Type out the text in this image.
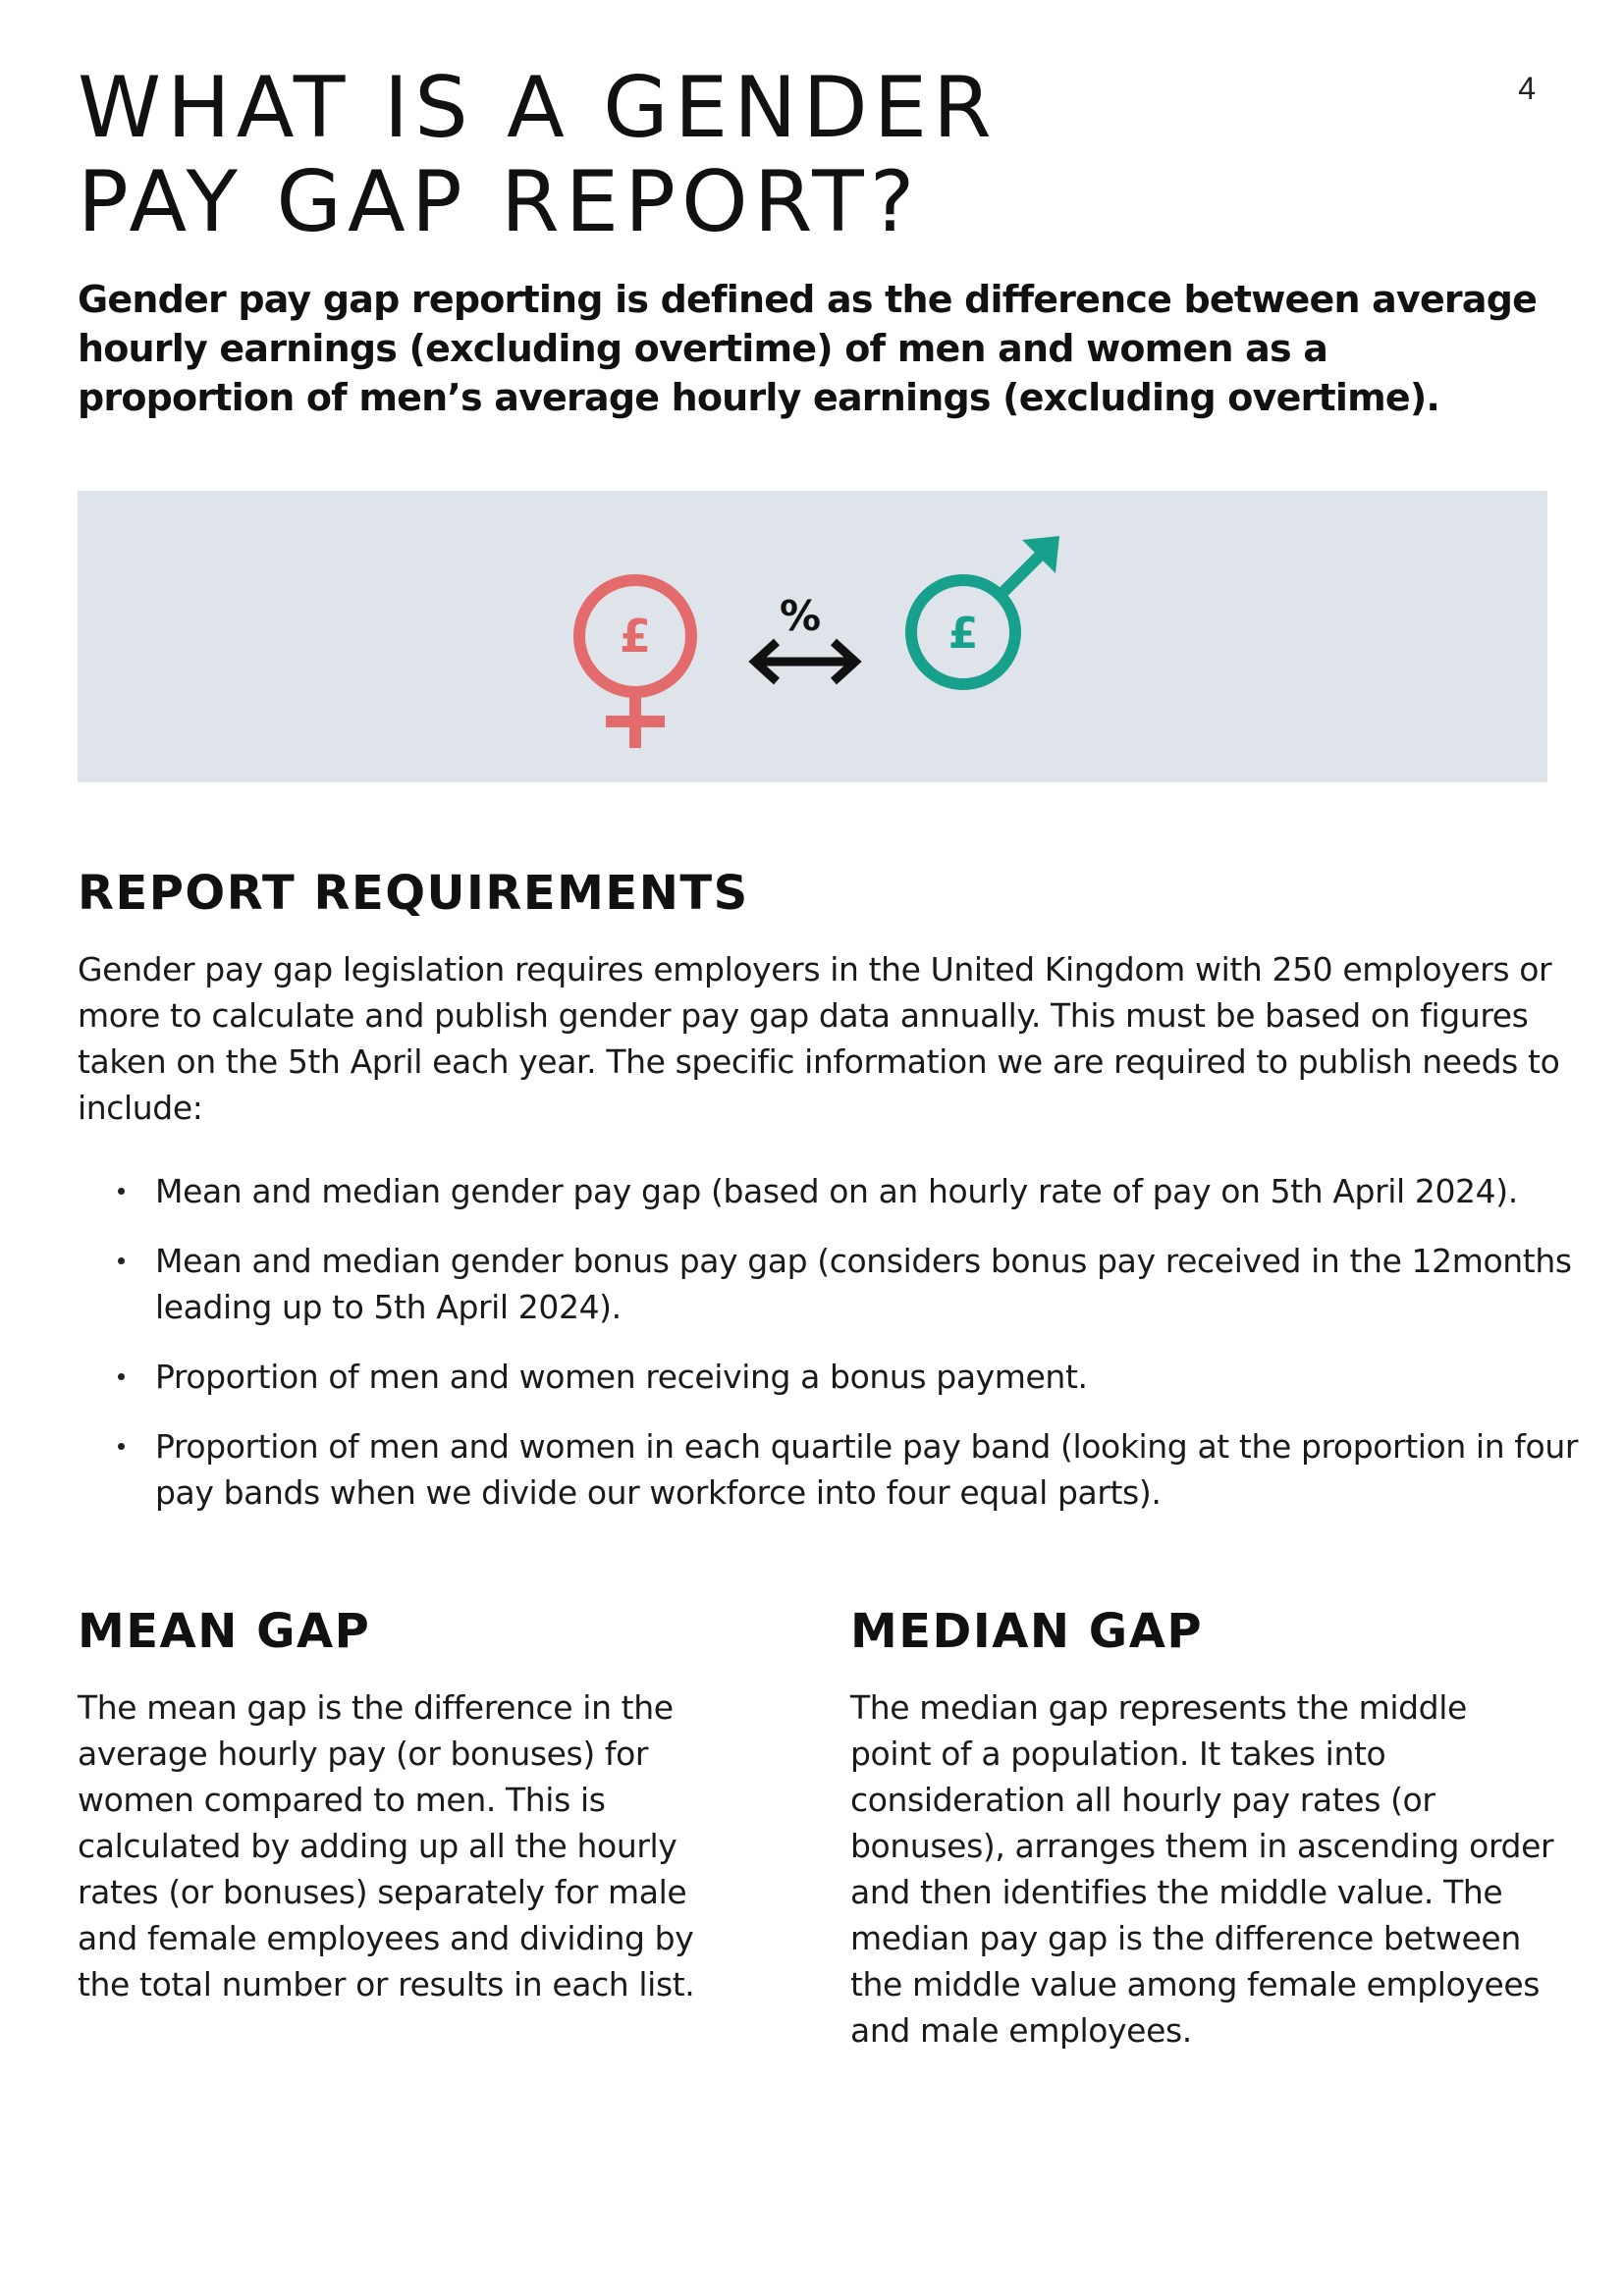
4
WHAT IS A GENDER
PAY GAP REPORT?

Gender pay gap reporting is defined as the difference between average hourly earnings (excluding overtime) of men and women as a proportion of men’s average hourly earnings (excluding overtime).

£	%	£
REPORT REQUIREMENTS

Gender pay gap legislation requires employers in the United Kingdom with 250 employers or more to calculate and publish gender pay gap data annually. This must be based on figures taken on the 5th April each year. The specific information we are required to publish needs to include:

Mean and median gender pay gap (based on an hourly rate of pay on 5th April 2024).
Mean and median gender bonus pay gap (considers bonus pay received in the 12months leading up to 5th April 2024).
Proportion of men and women receiving a bonus payment.
Proportion of men and women in each quartile pay band (looking at the proportion in four pay bands when we divide our workforce into four equal parts).
MEAN GAP

The mean gap is the difference in the average hourly pay (or bonuses) for women compared to men. This is calculated by adding up all the hourly rates (or bonuses) separately for male and female employees and dividing by the total number or results in each list.

MEDIAN GAP

The median gap represents the middle point of a population. It takes into consideration all hourly pay rates (or bonuses), arranges them in ascending order and then identifies the middle value. The median pay gap is the difference between the middle value among female employees and male employees.
